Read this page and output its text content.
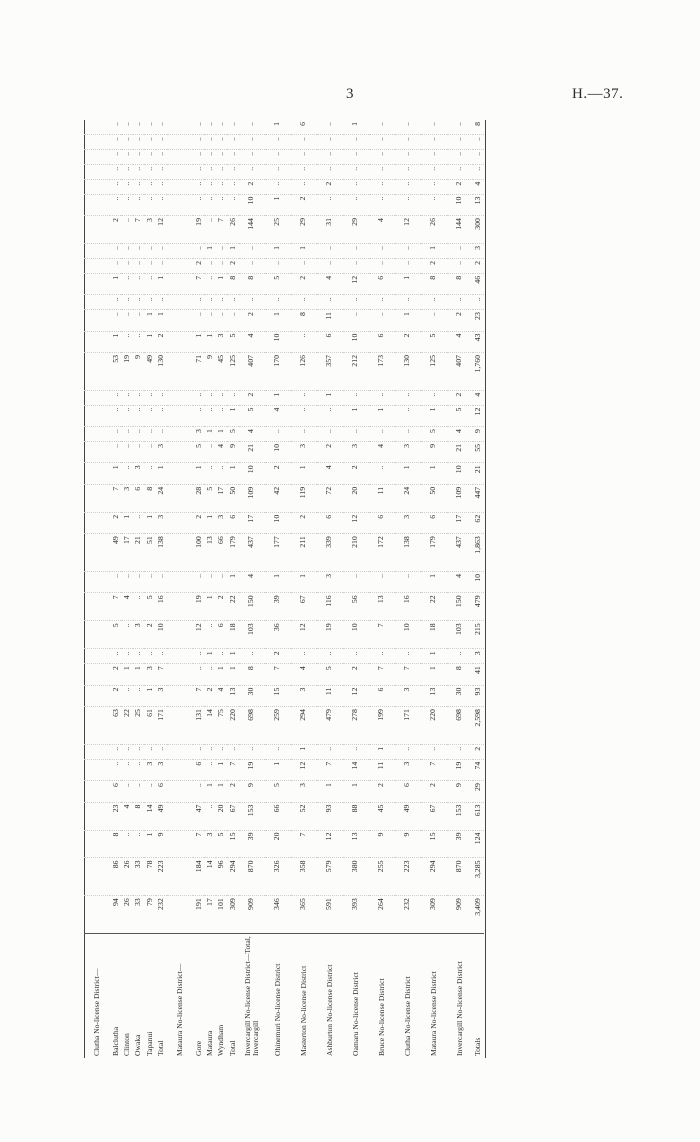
3	H.—37.
Clutha No-license District—																																				
Balclutha	94	86	8	23	6	..	..	63	2	2	..	5	7	..	49	2	7	1	..	..	..	..	53	1	..	..	1	..	..	2	..	..	..	..	..	..
Clinton	26	26	..	4	..	..	..	22	..	1	..	..	4	..	17	1	3	..	..	..	..	..	19	..	..	..	..	..	..	..	..	..	..	..	..	..
Owaka	33	33	..	8	..	..	..	25	..	1	..	3	..	..	21	..	6	3	..	..	..	..	9	..	..	..	..	..	..	7	..	..	..	..	..	..
Tapanui	79	78	1	14	..	3	..	61	1	3	..	2	5	..	51	1	8	..	..	..	..	..	49	1	1	..	..	..	..	3	..	..	..	..	..	..
Total	232	223	9	49	6	3	..	171	3	7	..	10	16	..	138	3	24	1	3	..	..	..	130	2	1	..	1	..	..	12	..	..	..	..	..	..
Mataura No-license District—																																				
Gore	191	184	7	47	..	6	..	131	7	..	..	12	19	..	100	2	28	1	5	3	..	..	71	1	..	..	7	2	..	19	..	..	..	..	..	..
Mataura	17	14	3	..	1	..	..	14	2	..	1	..	1	..	13	1	5	..	..	1	..	..	9	1	..	..	..	..	1	..	..	..	..	..	..	..
Wyndham	101	96	5	20	1	1	..	75	4	1	..	6	2	..	66	3	17	..	4	1	..	..	45	3	..	..	1	..	..	7	..	..	..	..	..	..
Total	309	294	15	67	2	7	..	220	13	1	1	18	22	1	179	6	50	1	9	5	1	..	125	5	..	..	8	2	1	26	..	..	..	..	..	..
Invercargill No-license District—Total, Invercargill	909	870	39	153	9	19	..	698	30	8	..	103	150	4	437	17	109	10	21	4	5	2	407	4	2	..	8	..	..	144	10	2	..	..	..	..
Ohinemuri No-license District	346	326	20	66	5	1	..	259	15	7	2	36	39	1	177	10	42	2	10	..	4	1	170	10	1	..	5	..	1	25	1	..	..	..	..	1
Masterton No-license District	365	358	7	52	3	12	1	294	3	4	..	12	67	1	211	2	119	1	3	..	..	..	126	..	8	..	2	..	1	29	2	..	..	..	..	6
Ashburton No-license District	591	579	12	93	1	7	..	479	11	5	..	19	116	3	339	6	72	4	2	..	..	1	357	6	11	..	4	..	..	31	..	2	..	..	..	..
Oamaru No-license District	393	380	13	88	1	14	..	278	12	2	..	10	56	..	210	12	20	2	3	..	1	..	212	10	..	..	12	..	..	29	..	..	..	..	..	1
Bruce No-license District	264	255	9	45	2	11	1	199	6	7	..	7	13	..	172	6	11	..	4	..	1	..	173	6	..	..	6	..	..	4	..	..	..	..	..	..
Clutha No-license District	232	223	9	49	6	3	..	171	3	7	..	10	16	..	138	3	24	1	3	..	..	..	130	2	1	..	1	..	..	12	..	..	..	..	..	..
Mataura No-license District	309	294	15	67	2	7	..	220	13	1	1	18	22	1	179	6	50	1	9	5	1	..	125	5	..	..	8	2	1	26	..	..	..	..	..	..
Invercargill No-license District	909	870	39	153	9	19	..	698	30	8	..	103	150	4	437	17	109	10	21	4	5	2	407	4	2	..	8	..	..	144	10	2	..	..	..	..
Totals	3,409	3,285	124	613	29	74	2	2,598	93	41	3	215	479	10	1,863	62	447	21	55	9	12	4	1,760	43	23	..	46	2	3	300	13	4	..	..	..	8
